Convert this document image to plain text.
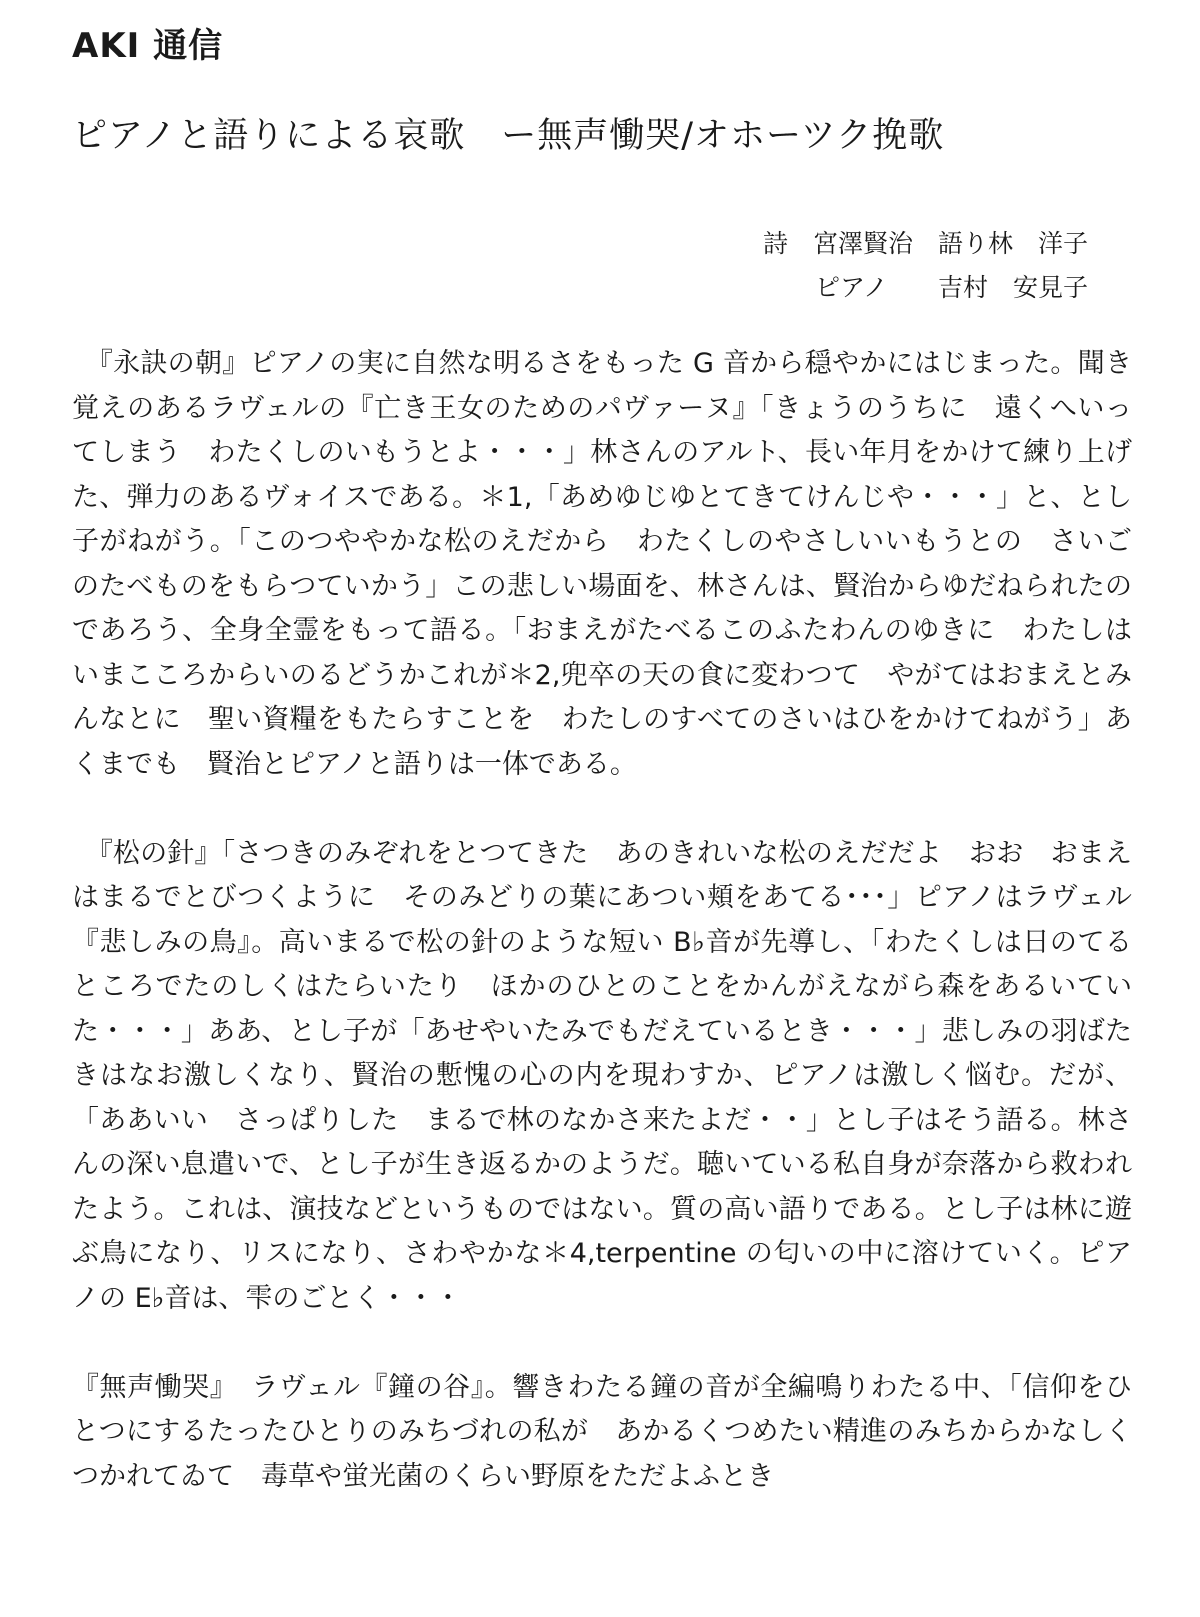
AKI 通信
ピアノと語りによる哀歌　ー無声慟哭/オホーツク挽歌
詩　宮澤賢治　語り林　洋子
ピアノ　　吉村　安見子

　『永訣の朝』ピアノの実に自然な明るさをもった G 音から穏やかにはじまった。聞き覚えのあるラヴェルの『亡き王女のためのパヴァーヌ』「きょうのうちに　遠くへいってしまう　わたくしのいもうとよ・・・」林さんのアルト、長い年月をかけて練り上げた、弾力のあるヴォイスである。＊1,「あめゆじゆとてきてけんじや・・・」と、とし子がねがう。「このつややかな松のえだから　わたくしのやさしいいもうとの　さいごのたべものをもらつていかう」この悲しい場面を、林さんは、賢治からゆだねられたのであろう、全身全霊をもって語る。「おまえがたべるこのふたわんのゆきに　わたしはいまこころからいのるどうかこれが＊2,兜卒の天の食に変わつて　やがてはおまえとみんなとに　聖い資糧をもたらすことを　わたしのすべてのさいはひをかけてねがう」あくまでも　賢治とピアノと語りは一体である。

　『松の針』「さつきのみぞれをとつてきた　あのきれいな松のえだだよ　おお　おまえはまるでとびつくように　そのみどりの葉にあつい頬をあてる･･･」ピアノはラヴェル『悲しみの鳥』。高いまるで松の針のような短い B♭音が先導し、「わたくしは日のてるところでたのしくはたらいたり　ほかのひとのことをかんがえながら森をあるいていた・・・」ああ、とし子が「あせやいたみでもだえているとき・・・」悲しみの羽ばたきはなお激しくなり、賢治の慙愧の心の内を現わすか、ピアノは激しく悩む。だが、「ああいい　さっぱりした　まるで林のなかさ来たよだ・・」とし子はそう語る。林さんの深い息遣いで、とし子が生き返るかのようだ。聴いている私自身が奈落から救われたよう。これは、演技などというものではない。質の高い語りである。とし子は林に遊ぶ鳥になり、リスになり、さわやかな＊4,terpentine の匂いの中に溶けていく。ピアノの E♭音は、雫のごとく・・・

『無声慟哭』　ラヴェル『鐘の谷』。響きわたる鐘の音が全編鳴りわたる中、「信仰をひとつにするたったひとりのみちづれの私が　あかるくつめたい精進のみちからかなしくつかれてゐて　毒草や蛍光菌のくらい野原をただよふとき
